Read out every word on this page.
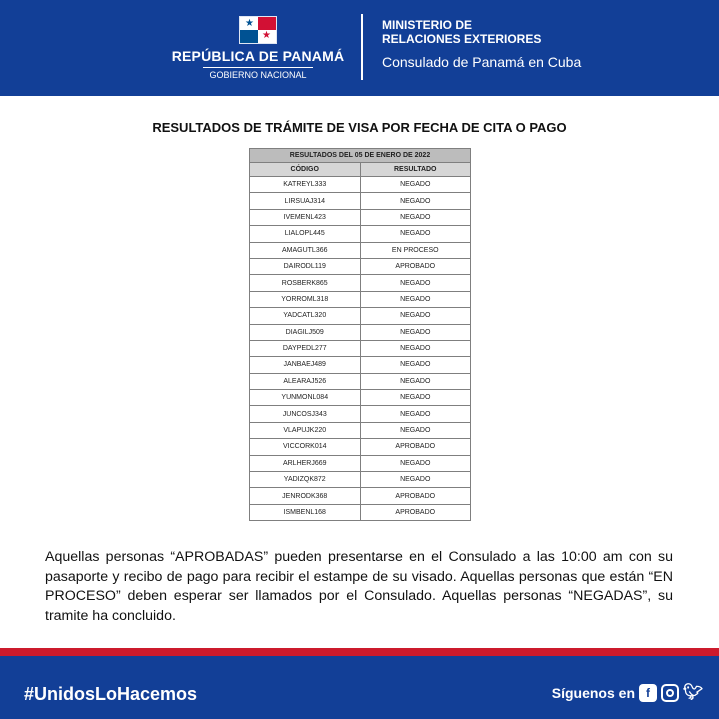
★
★
REPÚBLICA DE PANAMÁ
GOBIERNO NACIONAL
MINISTERIO DE
RELACIONES EXTERIORES
Consulado de Panamá en Cuba
RESULTADOS DE TRÁMITE DE VISA POR FECHA DE CITA O PAGO
RESULTADOS DEL 05 DE ENERO DE 2022	
CÓDIGO	RESULTADO
KATREYL333	NEGADO
LIRSUAJ314	NEGADO
IVEMENL423	NEGADO
LIALOPL445	NEGADO
AMAGUTL366	EN PROCESO
DAIRODL119	APROBADO
ROSBERK865	NEGADO
YORROML318	NEGADO
YADCATL320	NEGADO
DIAGILJ509	NEGADO
DAYPEDL277	NEGADO
JANBAEJ489	NEGADO
ALEARAJ526	NEGADO
YUNMONL084	NEGADO
JUNCOSJ343	NEGADO
VLAPUJK220	NEGADO
VICCORK014	APROBADO
ARLHERJ669	NEGADO
YADIZQK872	NEGADO
JENRODK368	APROBADO
ISMBENL168	APROBADO
Aquellas personas “APROBADAS” pueden presentarse en el Consulado a las 10:00 am con su pasaporte y recibo de pago para recibir el estampe de su visado. Aquellas personas que están “EN PROCESO” deben esperar ser llamados por el Consulado. Aquellas personas “NEGADAS”, su tramite ha concluido.
#UnidosLoHacemos	Síguenos en f	🐦︎
